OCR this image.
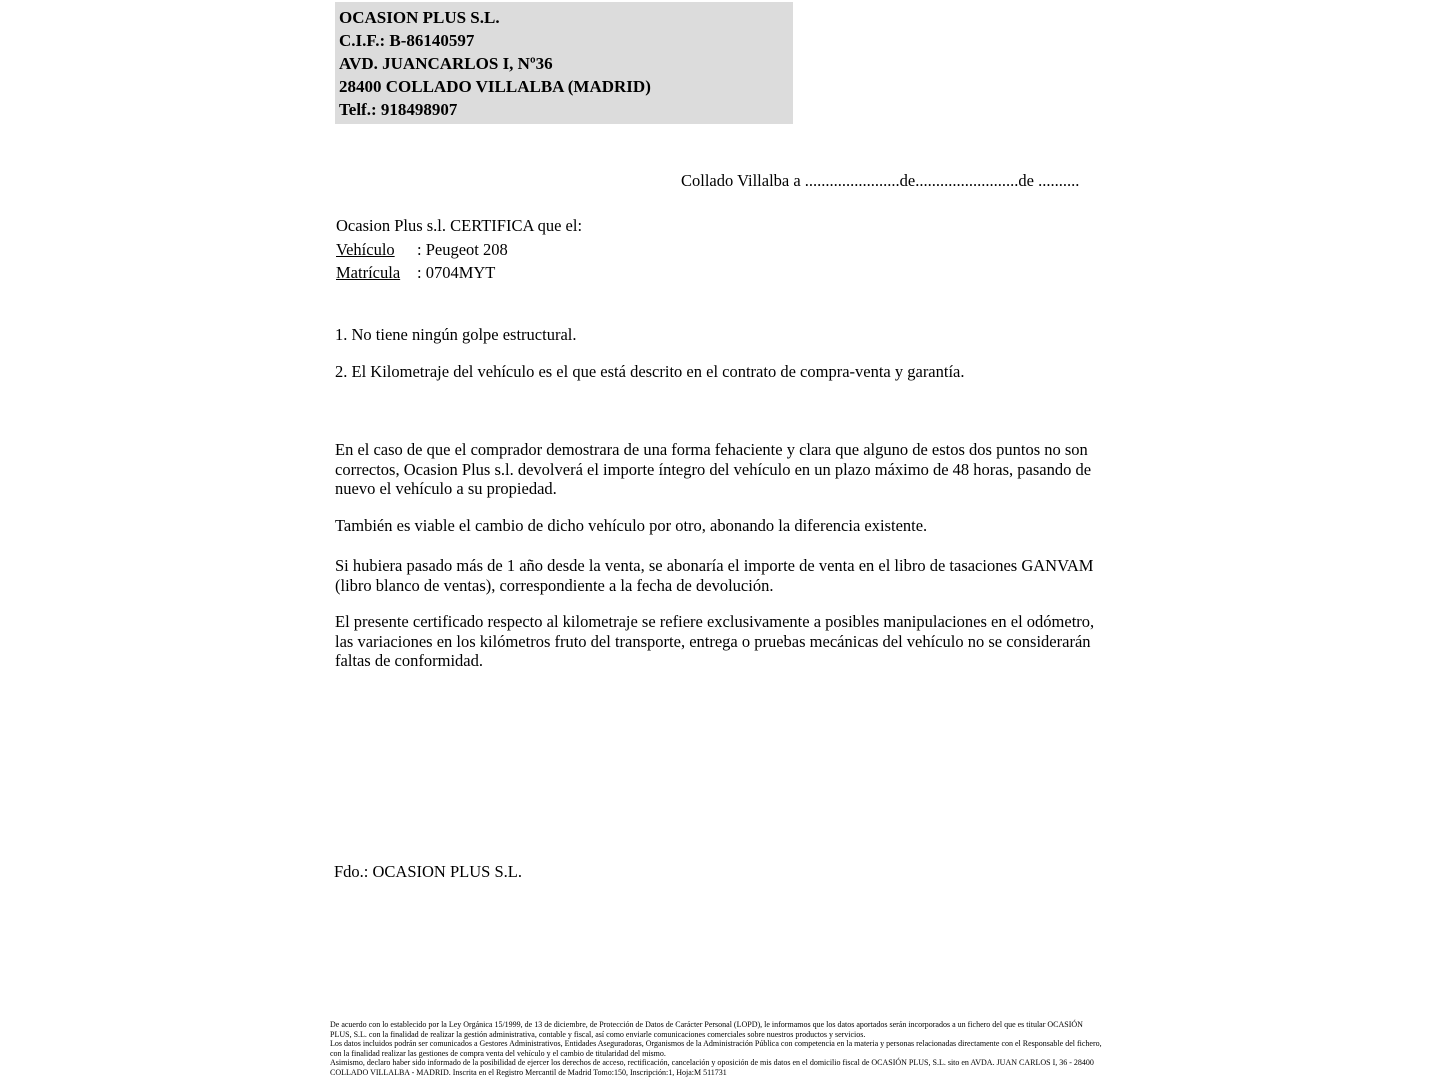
OCASION PLUS S.L.
C.I.F.: B-86140597
AVD. JUANCARLOS I, Nº36
28400 COLLADO VILLALBA (MADRID)
Telf.: 918498907
Collado Villalba a .......................de.........................de ..........
Ocasion Plus s.l. CERTIFICA que el:
Vehículo : Peugeot 208
Matrícula : 0704MYT
1. No tiene ningún golpe estructural.
2. El Kilometraje del vehículo es el que está descrito en el contrato de compra-venta y garantía.
En el caso de que el comprador demostrara de una forma fehaciente y clara que alguno de estos dos puntos no son correctos, Ocasion Plus s.l. devolverá el importe íntegro del vehículo en un plazo máximo de 48 horas, pasando de nuevo el vehículo a su propiedad.
También es viable el cambio de dicho vehículo por otro, abonando la diferencia existente.
Si hubiera pasado más de 1 año desde la venta, se abonaría el importe de venta en el libro de tasaciones GANVAM (libro blanco de ventas), correspondiente a la fecha de devolución.
El presente certificado respecto al kilometraje se refiere exclusivamente a posibles manipulaciones en el odómetro, las variaciones en los kilómetros fruto del transporte, entrega o pruebas mecánicas del vehículo no se considerarán faltas de conformidad.
Fdo.: OCASION PLUS S.L.

De acuerdo con lo establecido por la Ley Orgánica 15/1999, de 13 de diciembre, de Protección de Datos de Carácter Personal (LOPD), le informamos que los datos aportados serán incorporados a un fichero del que es titular OCASIÓN PLUS, S.L. con la finalidad de realizar la gestión administrativa, contable y fiscal, así como enviarle comunicaciones comerciales sobre nuestros productos y servicios.

Los datos incluidos podrán ser comunicados a Gestores Administrativos, Entidades Aseguradoras, Organismos de la Administración Pública con competencia en la materia y personas relacionadas directamente con el Responsable del fichero, con la finalidad realizar las gestiones de compra venta del vehículo y el cambio de titularidad del mismo.

Asimismo, declaro haber sido informado de la posibilidad de ejercer los derechos de acceso, rectificación, cancelación y oposición de mis datos en el domicilio fiscal de OCASIÓN PLUS, S.L. sito en AVDA. JUAN CARLOS I, 36 - 28400 COLLADO VILLALBA - MADRID. Inscrita en el Registro Mercantil de Madrid Tomo:150, Inscripción:1, Hoja:M 511731
